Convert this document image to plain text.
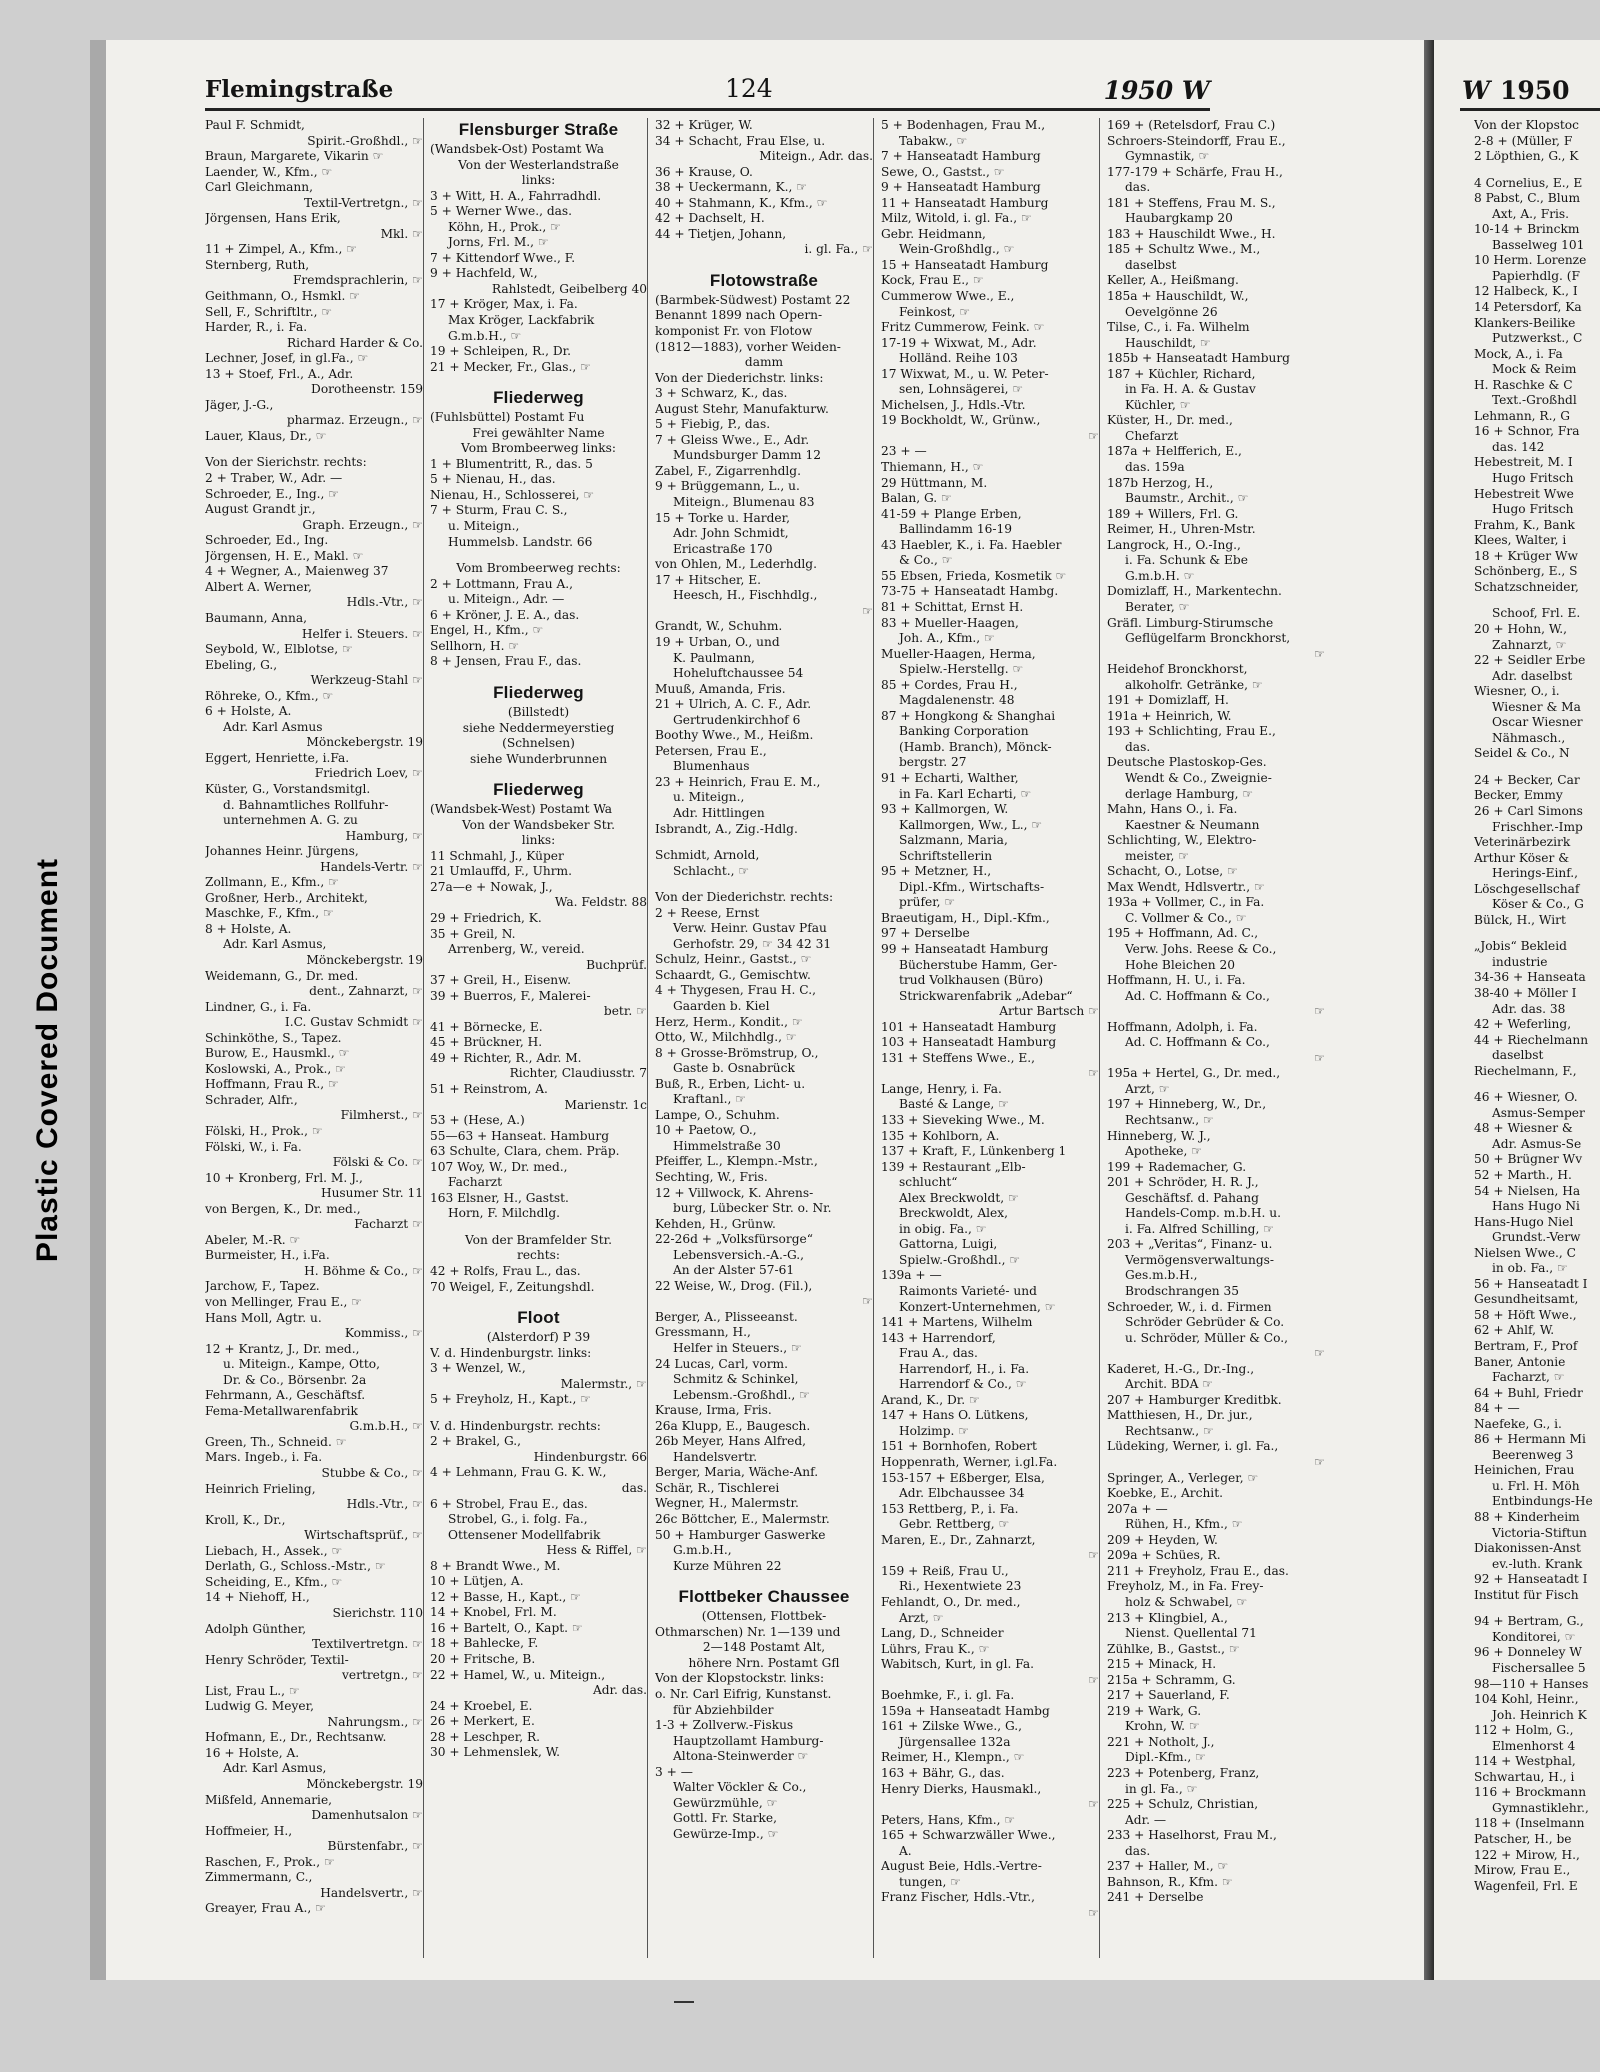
Plastic Covered Document
Flemingstraße	124	1950 W	W 1950
Paul F. Schmidt,
Spirit.-Großhdl., ☞
Braun, Margarete, Vikarin ☞
Laender, W., Kfm., ☞
Carl Gleichmann,
Textil-Vertretgn., ☞
Jörgensen, Hans Erik,
Mkl. ☞
11 + Zimpel, A., Kfm., ☞
Sternberg, Ruth,
Fremdsprachlerin, ☞
Geithmann, O., Hsmkl. ☞
Sell, F., Schriftltr., ☞
Harder, R., i. Fa.
Richard Harder & Co.
Lechner, Josef, in gl.Fa., ☞
13 + Stoef, Frl., A., Adr.
Dorotheenstr. 159
Jäger, J.-G.,
pharmaz. Erzeugn., ☞
Lauer, Klaus, Dr., ☞
Von der Sierichstr. rechts:
2 + Traber, W., Adr. —
Schroeder, E., Ing., ☞
August Grandt jr.,
Graph. Erzeugn., ☞
Schroeder, Ed., Ing.
Jörgensen, H. E., Makl. ☞
4 + Wegner, A., Maienweg 37
Albert A. Werner,
Hdls.-Vtr., ☞
Baumann, Anna,
Helfer i. Steuers. ☞
Seybold, W., Elblotse, ☞
Ebeling, G.,
Werkzeug-Stahl ☞
Röhreke, O., Kfm., ☞
6 + Holste, A.
Adr. Karl Asmus
Mönckebergstr. 19
Eggert, Henriette, i.Fa.
Friedrich Loev, ☞
Küster, G., Vorstandsmitgl.
d. Bahnamtliches Rollfuhr-
unternehmen A. G. zu
Hamburg, ☞
Johannes Heinr. Jürgens,
Handels-Vertr. ☞
Zollmann, E., Kfm., ☞
Großner, Herb., Architekt,
Maschke, F., Kfm., ☞
8 + Holste, A.
Adr. Karl Asmus,
Mönckebergstr. 19
Weidemann, G., Dr. med.
dent., Zahnarzt, ☞
Lindner, G., i. Fa.
I.C. Gustav Schmidt ☞
Schinköthe, S., Tapez.
Burow, E., Hausmkl., ☞
Koslowski, A., Prok., ☞
Hoffmann, Frau R., ☞
Schrader, Alfr.,
Filmherst., ☞
Fölski, H., Prok., ☞
Fölski, W., i. Fa.
Fölski & Co. ☞
10 + Kronberg, Frl. M. J.,
Husumer Str. 11
von Bergen, K., Dr. med.,
Facharzt ☞
Abeler, M.-R. ☞
Burmeister, H., i.Fa.
H. Böhme & Co., ☞
Jarchow, F., Tapez.
von Mellinger, Frau E., ☞
Hans Moll, Agtr. u.
Kommiss., ☞
12 + Krantz, J., Dr. med.,
u. Miteign., Kampe, Otto,
Dr. & Co., Börsenbr. 2a
Fehrmann, A., Geschäftsf.
Fema-Metallwarenfabrik
G.m.b.H., ☞
Green, Th., Schneid. ☞
Mars. Ingeb., i. Fa.
Stubbe & Co., ☞
Heinrich Frieling,
Hdls.-Vtr., ☞
Kroll, K., Dr.,
Wirtschaftsprüf., ☞
Liebach, H., Assek., ☞
Derlath, G., Schloss.-Mstr., ☞
Scheiding, E., Kfm., ☞
14 + Niehoff, H.,
Sierichstr. 110
Adolph Günther,
Textilvertretgn. ☞
Henry Schröder, Textil-
vertretgn., ☞
List, Frau L., ☞
Ludwig G. Meyer,
Nahrungsm., ☞
Hofmann, E., Dr., Rechtsanw.
16 + Holste, A.
Adr. Karl Asmus,
Mönckebergstr. 19
Mißfeld, Annemarie,
Damenhutsalon ☞
Hoffmeier, H.,
Bürstenfabr., ☞
Raschen, F., Prok., ☞
Zimmermann, C.,
Handelsvertr., ☞
Greayer, Frau A., ☞
Flensburger Straße
(Wandsbek-Ost) Postamt Wa
Von der Westerlandstraße
links:
3 + Witt, H. A., Fahrradhdl.
5 + Werner Wwe., das.
Köhn, H., Prok., ☞
Jorns, Frl. M., ☞
7 + Kittendorf Wwe., F.
9 + Hachfeld, W.,
Rahlstedt, Geibelberg 40
17 + Kröger, Max, i. Fa.
Max Kröger, Lackfabrik
G.m.b.H., ☞
19 + Schleipen, R., Dr.
21 + Mecker, Fr., Glas., ☞
Fliederweg
(Fuhlsbüttel) Postamt Fu
Frei gewählter Name
Vom Brombeerweg links:
1 + Blumentritt, R., das. 5
5 + Nienau, H., das.
Nienau, H., Schlosserei, ☞
7 + Sturm, Frau C. S.,
u. Miteign.,
Hummelsb. Landstr. 66
Vom Brombeerweg rechts:
2 + Lottmann, Frau A.,
u. Miteign., Adr. —
6 + Kröner, J. E. A., das.
Engel, H., Kfm., ☞
Sellhorn, H. ☞
8 + Jensen, Frau F., das.
Fliederweg
(Billstedt)
siehe Neddermeyerstieg
(Schnelsen)
siehe Wunderbrunnen
Fliederweg
(Wandsbek-West) Postamt Wa
Von der Wandsbeker Str.
links:
11 Schmahl, J., Küper
21 Umlauffd, F., Uhrm.
27a—e + Nowak, J.,
Wa. Feldstr. 88
29 + Friedrich, K.
35 + Greil, N.
Arrenberg, W., vereid.
Buchprüf.
37 + Greil, H., Eisenw.
39 + Buerros, F., Malerei-
betr. ☞
41 + Börnecke, E.
45 + Brückner, H.
49 + Richter, R., Adr. M.
Richter, Claudiusstr. 7
51 + Reinstrom, A.
Marienstr. 1c
53 + (Hese, A.)
55—63 + Hanseat. Hamburg
63 Schulte, Clara, chem. Präp.
107 Woy, W., Dr. med.,
Facharzt
163 Elsner, H., Gastst.
Horn, F. Milchdlg.
Von der Bramfelder Str.
rechts:
42 + Rolfs, Frau L., das.
70 Weigel, F., Zeitungshdl.
Floot
(Alsterdorf) P 39
V. d. Hindenburgstr. links:
3 + Wenzel, W.,
Malermstr., ☞
5 + Freyholz, H., Kapt., ☞
V. d. Hindenburgstr. rechts:
2 + Brakel, G.,
Hindenburgstr. 66
4 + Lehmann, Frau G. K. W.,
das.
6 + Strobel, Frau E., das.
Strobel, G., i. folg. Fa.,
Ottensener Modellfabrik
Hess & Riffel, ☞
8 + Brandt Wwe., M.
10 + Lütjen, A.
12 + Basse, H., Kapt., ☞
14 + Knobel, Frl. M.
16 + Bartelt, O., Kapt. ☞
18 + Bahlecke, F.
20 + Fritsche, B.
22 + Hamel, W., u. Miteign.,
Adr. das.
24 + Kroebel, E.
26 + Merkert, E.
28 + Leschper, R.
30 + Lehmenslek, W.
32 + Krüger, W.
34 + Schacht, Frau Else, u.
Miteign., Adr. das.
36 + Krause, O.
38 + Ueckermann, K., ☞
40 + Stahmann, K., Kfm., ☞
42 + Dachselt, H.
44 + Tietjen, Johann,
i. gl. Fa., ☞
Flotowstraße
(Barmbek-Südwest) Postamt 22
Benannt 1899 nach Opern-
komponist Fr. von Flotow
(1812—1883), vorher Weiden-
damm
Von der Diederichstr. links:
3 + Schwarz, K., das.
August Stehr, Manufakturw.
5 + Fiebig, P., das.
7 + Gleiss Wwe., E., Adr.
Mundsburger Damm 12
Zabel, F., Zigarrenhdlg.
9 + Brüggemann, L., u.
Miteign., Blumenau 83
15 + Torke u. Harder,
Adr. John Schmidt,
Ericastraße 170
von Ohlen, M., Lederhdlg.
17 + Hitscher, E.
Heesch, H., Fischhdlg.,
☞
Grandt, W., Schuhm.
19 + Urban, O., und
K. Paulmann,
Hoheluftchaussee 54
Muuß, Amanda, Fris.
21 + Ulrich, A. C. F., Adr.
Gertrudenkirchhof 6
Boothy Wwe., M., Heißm.
Petersen, Frau E.,
Blumenhaus
23 + Heinrich, Frau E. M.,
u. Miteign.,
Adr. Hittlingen
Isbrandt, A., Zig.-Hdlg.
Schmidt, Arnold,
Schlacht., ☞
Von der Diederichstr. rechts:
2 + Reese, Ernst
Verw. Heinr. Gustav Pfau
Gerhofstr. 29, ☞ 34 42 31
Schulz, Heinr., Gastst., ☞
Schaardt, G., Gemischtw.
4 + Thygesen, Frau H. C.,
Gaarden b. Kiel
Herz, Herm., Kondit., ☞
Otto, W., Milchhdlg., ☞
8 + Grosse-Brömstrup, O.,
Gaste b. Osnabrück
Buß, R., Erben, Licht- u.
Kraftanl., ☞
Lampe, O., Schuhm.
10 + Paetow, O.,
Himmelstraße 30
Pfeiffer, L., Klempn.-Mstr.,
Sechting, W., Fris.
12 + Villwock, K. Ahrens-
burg, Lübecker Str. o. Nr.
Kehden, H., Grünw.
22-26d + „Volksfürsorge“
Lebensversich.-A.-G.,
An der Alster 57-61
22 Weise, W., Drog. (Fil.),
☞
Berger, A., Plisseeanst.
Gressmann, H.,
Helfer in Steuers., ☞
24 Lucas, Carl, vorm.
Schmitz & Schinkel,
Lebensm.-Großhdl., ☞
Krause, Irma, Fris.
26a Klupp, E., Baugesch.
26b Meyer, Hans Alfred,
Handelsvertr.
Berger, Maria, Wäche-Anf.
Schär, R., Tischlerei
Wegner, H., Malermstr.
26c Böttcher, E., Malermstr.
50 + Hamburger Gaswerke
G.m.b.H.,
Kurze Mühren 22
Flottbeker Chaussee
(Ottensen, Flottbek-
Othmarschen) Nr. 1—139 und
2—148 Postamt Alt,
höhere Nrn. Postamt Gfl
Von der Klopstockstr. links:
o. Nr. Carl Eifrig, Kunstanst.
für Abziehbilder
1-3 + Zollverw.-Fiskus
Hauptzollamt Hamburg-
Altona-Steinwerder ☞
3 + —
Walter Vöckler & Co.,
Gewürzmühle, ☞
Gottl. Fr. Starke,
Gewürze-Imp., ☞
5 + Bodenhagen, Frau M.,
Tabakw., ☞
7 + Hanseatadt Hamburg
Sewe, O., Gastst., ☞
9 + Hanseatadt Hamburg
11 + Hanseatadt Hamburg
Milz, Witold, i. gl. Fa., ☞
Gebr. Heidmann,
Wein-Großhdlg., ☞
15 + Hanseatadt Hamburg
Kock, Frau E., ☞
Cummerow Wwe., E.,
Feinkost, ☞
Fritz Cummerow, Feink. ☞
17-19 + Wixwat, M., Adr.
Holländ. Reihe 103
17 Wixwat, M., u. W. Peter-
sen, Lohnsägerei, ☞
Michelsen, J., Hdls.-Vtr.
19 Bockholdt, W., Grünw.,
☞
23 + —
Thiemann, H., ☞
29 Hüttmann, M.
Balan, G. ☞
41-59 + Plange Erben,
Ballindamm 16-19
43 Haebler, K., i. Fa. Haebler
& Co., ☞
55 Ebsen, Frieda, Kosmetik ☞
73-75 + Hanseatadt Hambg.
81 + Schittat, Ernst H.
83 + Mueller-Haagen,
Joh. A., Kfm., ☞
Mueller-Haagen, Herma,
Spielw.-Herstellg. ☞
85 + Cordes, Frau H.,
Magdalenenstr. 48
87 + Hongkong & Shanghai
Banking Corporation
(Hamb. Branch), Mönck-
bergstr. 27
91 + Echarti, Walther,
in Fa. Karl Echarti, ☞
93 + Kallmorgen, W.
Kallmorgen, Ww., L., ☞
Salzmann, Maria,
Schriftstellerin
95 + Metzner, H.,
Dipl.-Kfm., Wirtschafts-
prüfer, ☞
Braeutigam, H., Dipl.-Kfm.,
97 + Derselbe
99 + Hanseatadt Hamburg
Bücherstube Hamm, Ger-
trud Volkhausen (Büro)
Strickwarenfabrik „Adebar“
Artur Bartsch ☞
101 + Hanseatadt Hamburg
103 + Hanseatadt Hamburg
131 + Steffens Wwe., E.,
☞
Lange, Henry, i. Fa.
Basté & Lange, ☞
133 + Sieveking Wwe., M.
135 + Kohlborn, A.
137 + Kraft, F., Lünkenberg 1
139 + Restaurant „Elb-
schlucht“
Alex Breckwoldt, ☞
Breckwoldt, Alex,
in obig. Fa., ☞
Gattorna, Luigi,
Spielw.-Großhdl., ☞
139a + —
Raimonts Varieté- und
Konzert-Unternehmen, ☞
141 + Martens, Wilhelm
143 + Harrendorf,
Frau A., das.
Harrendorf, H., i. Fa.
Harrendorf & Co., ☞
Arand, K., Dr. ☞
147 + Hans O. Lütkens,
Holzimp. ☞
151 + Bornhofen, Robert
Hoppenrath, Werner, i.gl.Fa.
153-157 + Eßberger, Elsa,
Adr. Elbchaussee 34
153 Rettberg, P., i. Fa.
Gebr. Rettberg, ☞
Maren, E., Dr., Zahnarzt,
☞
159 + Reiß, Frau U.,
Ri., Hexentwiete 23
Fehlandt, O., Dr. med.,
Arzt, ☞
Lang, D., Schneider
Lührs, Frau K., ☞
Wabitsch, Kurt, in gl. Fa.
☞
Boehmke, F., i. gl. Fa.
159a + Hanseatadt Hambg
161 + Zilske Wwe., G.,
Jürgensallee 132a
Reimer, H., Klempn., ☞
163 + Bähr, G., das.
Henry Dierks, Hausmakl.,
☞
Peters, Hans, Kfm., ☞
165 + Schwarzwäller Wwe.,
A.
August Beie, Hdls.-Vertre-
tungen, ☞
Franz Fischer, Hdls.-Vtr.,
☞
169 + (Retelsdorf, Frau C.)
Schroers-Steindorff, Frau E.,
Gymnastik, ☞
177-179 + Schärfe, Frau H.,
das.
181 + Steffens, Frau M. S.,
Haubargkamp 20
183 + Hauschildt Wwe., H.
185 + Schultz Wwe., M.,
daselbst
Keller, A., Heißmang.
185a + Hauschildt, W.,
Oevelgönne 26
Tilse, C., i. Fa. Wilhelm
Hauschildt, ☞
185b + Hanseatadt Hamburg
187 + Küchler, Richard,
in Fa. H. A. & Gustav
Küchler, ☞
Küster, H., Dr. med.,
Chefarzt
187a + Helfferich, E.,
das. 159a
187b Herzog, H.,
Baumstr., Archit., ☞
189 + Willers, Frl. G.
Reimer, H., Uhren-Mstr.
Langrock, H., O.-Ing.,
i. Fa. Schunk & Ebe
G.m.b.H. ☞
Domizlaff, H., Markentechn.
Berater, ☞
Gräfl. Limburg-Stirumsche
Geflügelfarm Bronckhorst,
☞
Heidehof Bronckhorst,
alkoholfr. Getränke, ☞
191 + Domizlaff, H.
191a + Heinrich, W.
193 + Schlichting, Frau E.,
das.
Deutsche Plastoskop-Ges.
Wendt & Co., Zweignie-
derlage Hamburg, ☞
Mahn, Hans O., i. Fa.
Kaestner & Neumann
Schlichting, W., Elektro-
meister, ☞
Schacht, O., Lotse, ☞
Max Wendt, Hdlsvertr., ☞
193a + Vollmer, C., in Fa.
C. Vollmer & Co., ☞
195 + Hoffmann, Ad. C.,
Verw. Johs. Reese & Co.,
Hohe Bleichen 20
Hoffmann, H. U., i. Fa.
Ad. C. Hoffmann & Co.,
☞
Hoffmann, Adolph, i. Fa.
Ad. C. Hoffmann & Co.,
☞
195a + Hertel, G., Dr. med.,
Arzt, ☞
197 + Hinneberg, W., Dr.,
Rechtsanw., ☞
Hinneberg, W. J.,
Apotheke, ☞
199 + Rademacher, G.
201 + Schröder, H. R. J.,
Geschäftsf. d. Pahang
Handels-Comp. m.b.H. u.
i. Fa. Alfred Schilling, ☞
203 + „Veritas“, Finanz- u.
Vermögensverwaltungs-
Ges.m.b.H.,
Brodschrangen 35
Schroeder, W., i. d. Firmen
Schröder Gebrüder & Co.
u. Schröder, Müller & Co.,
☞
Kaderet, H.-G., Dr.-Ing.,
Archit. BDA ☞
207 + Hamburger Kreditbk.
Matthiesen, H., Dr. jur.,
Rechtsanw., ☞
Lüdeking, Werner, i. gl. Fa.,
☞
Springer, A., Verleger, ☞
Koebke, E., Archit.
207a + —
Rühen, H., Kfm., ☞
209 + Heyden, W.
209a + Schües, R.
211 + Freyholz, Frau E., das.
Freyholz, M., in Fa. Frey-
holz & Schwabel, ☞
213 + Klingbiel, A.,
Nienst. Quellental 71
Zühlke, B., Gastst., ☞
215 + Minack, H.
215a + Schramm, G.
217 + Sauerland, F.
219 + Wark, G.
Krohn, W. ☞
221 + Notholt, J.,
Dipl.-Kfm., ☞
223 + Potenberg, Franz,
in gl. Fa., ☞
225 + Schulz, Christian,
Adr. —
233 + Haselhorst, Frau M.,
das.
237 + Haller, M., ☞
Bahnson, R., Kfm. ☞
241 + Derselbe
Von der Klopstoc
2-8 + (Müller, F
2 Löpthien, G., K
4 Cornelius, E., E
8 Pabst, C., Blum
Axt, A., Fris.
10-14 + Brinckm
Basselweg 101
10 Herm. Lorenze
Papierhdlg. (F
12 Halbeck, K., I
14 Petersdorf, Ka
Klankers-Beilike
Putzwerkst., C
Mock, A., i. Fa
Mock & Reim
H. Raschke & C
Text.-Großhdl
Lehmann, R., G
16 + Schnor, Fra
das. 142
Hebestreit, M. I
Hugo Fritsch
Hebestreit Wwe
Hugo Fritsch
Frahm, K., Bank
Klees, Walter, i
18 + Krüger Ww
Schönberg, E., S
Schatzschneider,
Schoof, Frl. E.
20 + Hohn, W.,
Zahnarzt, ☞
22 + Seidler Erbe
Adr. daselbst
Wiesner, O., i.
Wiesner & Ma
Oscar Wiesner
Nähmasch.,
Seidel & Co., N
24 + Becker, Car
Becker, Emmy
26 + Carl Simons
Frischher.-Imp
Veterinärbezirk
Arthur Köser &
Herings-Einf.,
Löschgesellschaf
Köser & Co., G
Bülck, H., Wirt
„Jobis“ Bekleid
industrie
34-36 + Hanseata
38-40 + Möller I
Adr. das. 38
42 + Weferling,
44 + Riechelmann
daselbst
Riechelmann, F.,
46 + Wiesner, O.
Asmus-Semper
48 + Wiesner &
Adr. Asmus-Se
50 + Brügner Wv
52 + Marth., H.
54 + Nielsen, Ha
Hans Hugo Ni
Hans-Hugo Niel
Grundst.-Verw
Nielsen Wwe., C
in ob. Fa., ☞
56 + Hanseatadt I
Gesundheitsamt,
58 + Höft Wwe.,
62 + Ahlf, W.
Bertram, F., Prof
Baner, Antonie
Facharzt, ☞
64 + Buhl, Friedr
84 + —
Naefeke, G., i.
86 + Hermann Mi
Beerenweg 3
Heinichen, Frau
u. Frl. H. Möh
Entbindungs-He
88 + Kinderheim
Victoria-Stiftun
Diakonissen-Anst
ev.-luth. Krank
92 + Hanseatadt I
Institut für Fisch
94 + Bertram, G.,
Konditorei, ☞
96 + Donneley W
Fischersallee 5
98—110 + Hanses
104 Kohl, Heinr.,
Joh. Heinrich K
112 + Holm, G.,
Elmenhorst 4
114 + Westphal,
Schwartau, H., i
116 + Brockmann
Gymnastiklehr.,
118 + (Inselmann
Patscher, H., be
122 + Mirow, H.,
Mirow, Frau E.,
Wagenfeil, Frl. E
